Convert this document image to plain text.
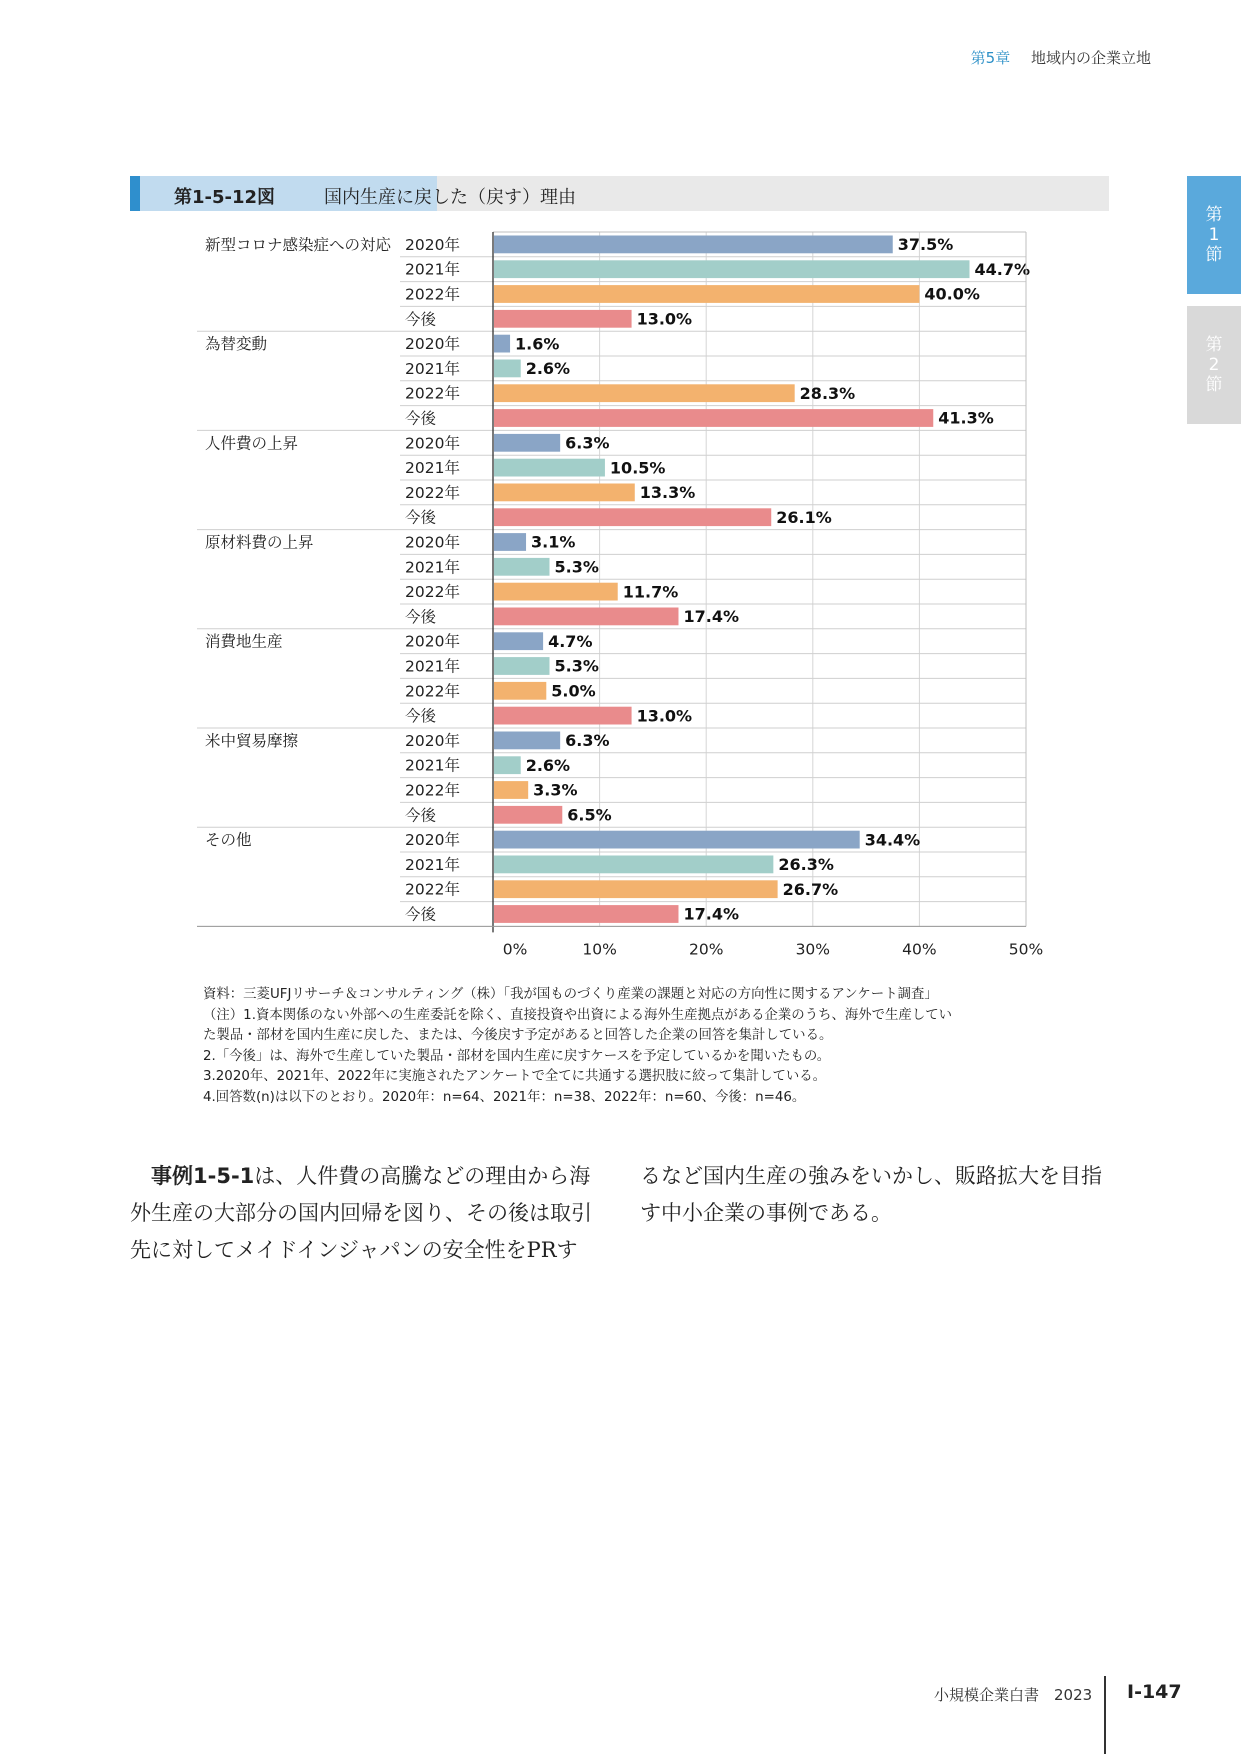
第5章 地域内の企業立地
第
1
節
第
2
節
第1-5-12図	国内生産に戻した（戻す）理由
新型コロナ感染症への対応 2020年	37.5%
2021年	44.7%
2022年	40.0%
今後	13.0%
為替変動	2020年	1.6%
2021年	2.6%
2022年	28.3%
今後	41.3%
人件費の上昇	2020年	6.3%
2021年	10.5%
2022年	13.3%
今後	26.1%
原材料費の上昇	2020年	3.1%
2021年	5.3%
2022年	11.7%
今後	17.4%
消費地生産	2020年	4.7%
2021年	5.3%
2022年	5.0%
今後	13.0%
米中貿易摩擦	2020年	6.3%
2021年	2.6%
2022年	3.3%
今後	6.5%
その他	2020年	34.4%
2021年	26.3%
2022年	26.7%
今後	17.4%
0%	10%	20%	30%	40%	50%
資料：三菱UFJリサーチ＆コンサルティング（株）「我が国ものづくり産業の課題と対応の方向性に関するアンケート調査」
（注）1.資本関係のない外部への生産委託を除く、直接投資や出資による海外生産拠点がある企業のうち、海外で生産してい
た製品・部材を国内生産に戻した、または、今後戻す予定があると回答した企業の回答を集計している。
2.「今後」は、海外で生産していた製品・部材を国内生産に戻すケースを予定しているかを聞いたもの。
3.2020年、2021年、2022年に実施されたアンケートで全てに共通する選択肢に絞って集計している。
4.回答数(n)は以下のとおり。2020年：n=64、2021年：n=38、2022年：n=60、今後：n=46。
　事例1-5-1は、人件費の高騰などの理由から海
外生産の大部分の国内回帰を図り、その後は取引
先に対してメイドインジャパンの安全性をPRす
るなど国内生産の強みをいかし、販路拡大を目指
す中小企業の事例である。
小規模企業白書　2023 Ⅰ-147
